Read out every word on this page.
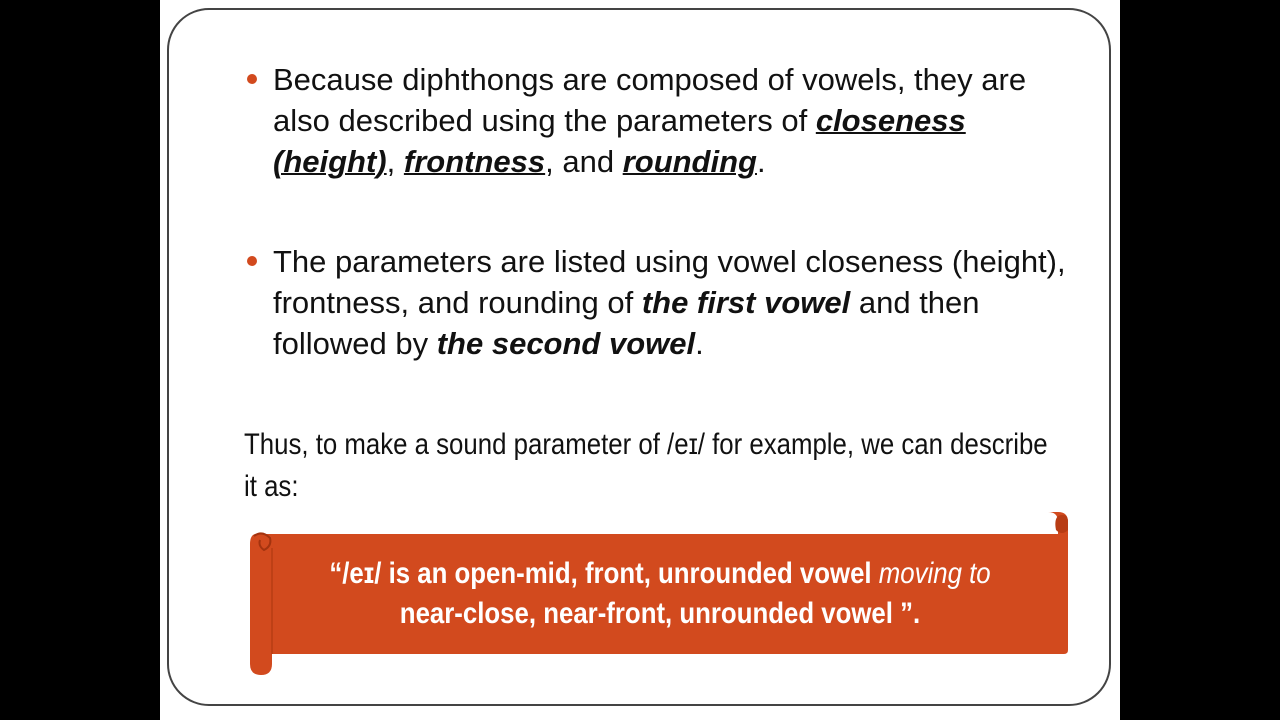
Because diphthongs are composed of vowels, they are also described using the parameters of closeness (height), frontness, and rounding.
The parameters are listed using vowel closeness (height), frontness, and rounding of the first vowel and then followed by the second vowel.
Thus, to make a sound parameter of /eɪ/ for example, we can describe it as:
“/eɪ/ is an open-mid, front, unrounded vowel moving to
near-close, near-front, unrounded vowel ”.
